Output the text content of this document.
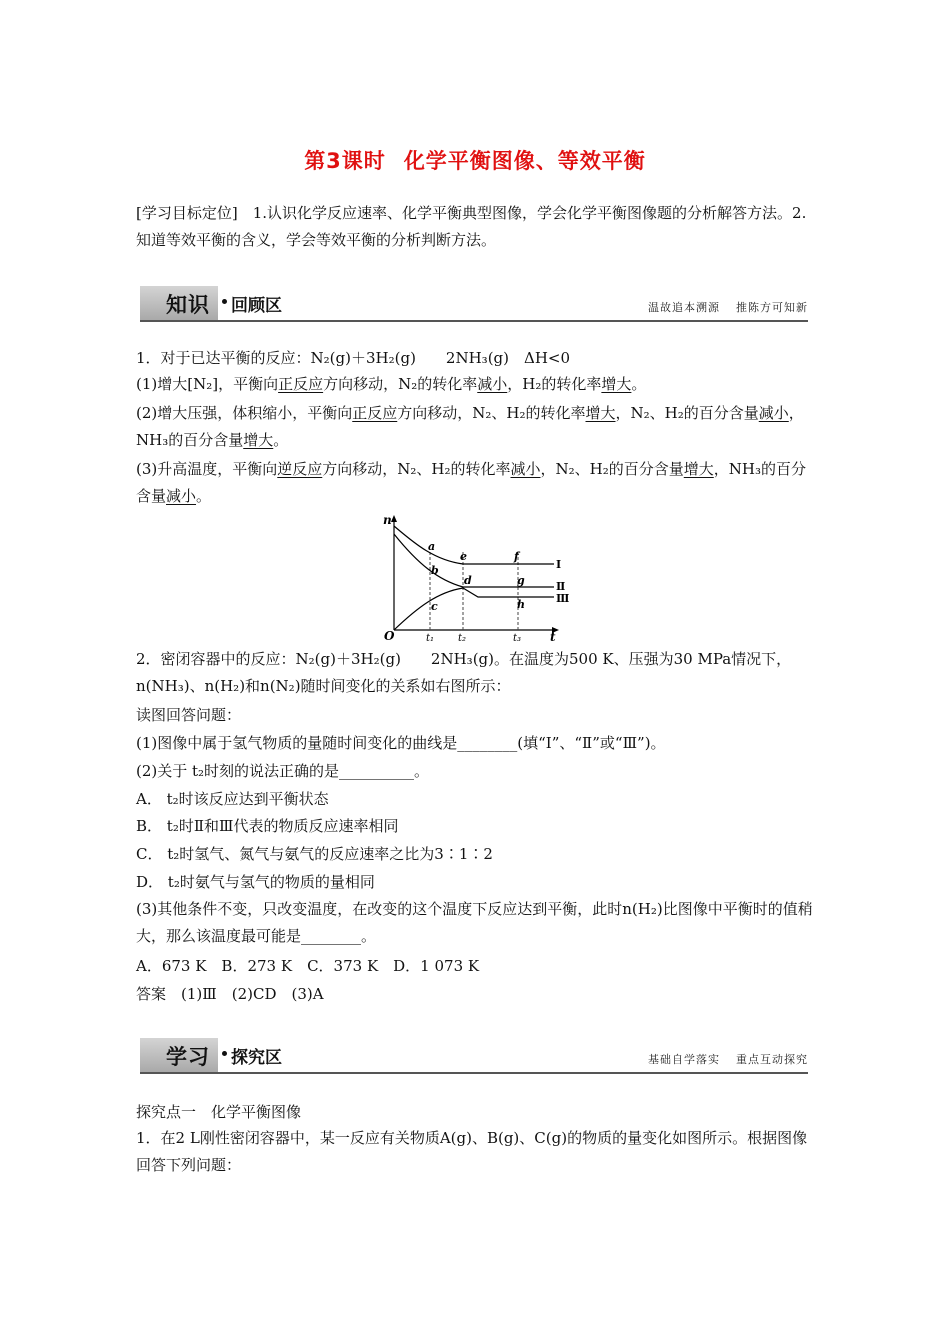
第3课时 化学平衡图像、等效平衡
[学习目标定位]　 1.认识化学反应速率、化学平衡典型图像，学会化学平衡图像题的分析解答方法。2.知道等效平衡的含义，学会等效平衡的分析判断方法。
知识 回顾区	温故追本溯源 推陈方可知新
1．对于已达平衡的反应：N₂(g)＋3H₂(g)　　2NH₃(g)　ΔH<0
(1)增大[N₂]，平衡向正反应方向移动，N₂的转化率减小，H₂的转化率增大。
(2)增大压强，体积缩小，平衡向正反应方向移动，N₂、H₂的转化率增大，N₂、H₂的百分含量减小，NH₃的百分含量增大。
(3)升高温度，平衡向逆反应方向移动，N₂、H₂的转化率减小，N₂、H₂的百分含量增大，NH₃的百分含量减小。
n
t
O
Ⅰ
Ⅱ
Ⅲ
a
b
c
d
e	f
g
h
t₁ t₂	t₃
2．密闭容器中的反应：N₂(g)＋3H₂(g)　　2NH₃(g)。在温度为500 K、压强为30 MPa情况下，n(NH₃)、n(H₂)和n(N₂)随时间变化的关系如右图所示：
读图回答问题：
(1)图像中属于氢气物质的量随时间变化的曲线是________(填“Ⅰ”、“Ⅱ”或“Ⅲ”)。
(2)关于 t₂时刻的说法正确的是__________。
A． t₂时该反应达到平衡状态
B． t₂时Ⅱ和Ⅲ代表的物质反应速率相同
C． t₂时氢气、氮气与氨气的反应速率之比为3∶1∶2
D． t₂时氨气与氢气的物质的量相同
(3)其他条件不变，只改变温度，在改变的这个温度下反应达到平衡，此时n(H₂)比图像中平衡时的值稍大，那么该温度最可能是________。
A．673 K　B．273 K　C．373 K　D．1 073 K
答案　(1)Ⅲ　(2)CD　(3)A
学习 探究区	基础自学落实 重点互动探究
探究点一　化学平衡图像
1．在2 L刚性密闭容器中，某一反应有关物质A(g)、B(g)、C(g)的物质的量变化如图所示。根据图像回答下列问题：
